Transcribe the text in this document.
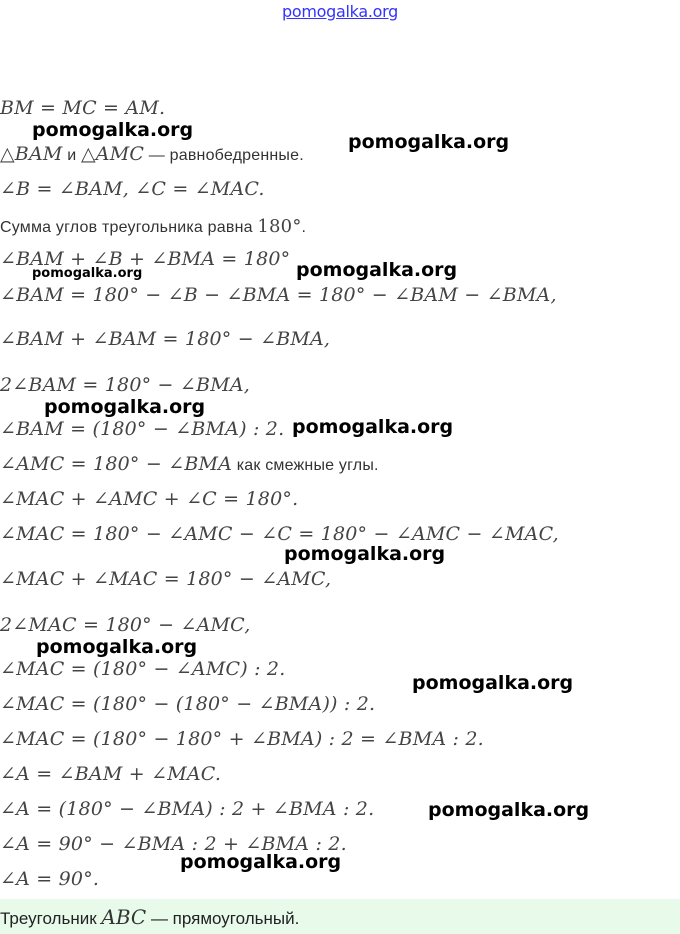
pomogalka.org
BM = MC = AM.
△BAM и △AMC — равнобедренные.
∠B = ∠BAM, ∠C = ∠MAC.
Сумма углов треугольника равна 180°.
∠BAM + ∠B + ∠BMA = 180°
∠BAM = 180° − ∠B − ∠BMA = 180° − ∠BAM − ∠BMA,
∠BAM + ∠BAM = 180° − ∠BMA,
2∠BAM = 180° − ∠BMA,
∠BAM = (180° − ∠BMA) : 2.
∠AMC = 180° − ∠BMA как смежные углы.
∠MAC + ∠AMC + ∠C = 180°.
∠MAC = 180° − ∠AMC − ∠C = 180° − ∠AMC − ∠MAC,
∠MAC + ∠MAC = 180° − ∠AMC,
2∠MAC = 180° − ∠AMC,
∠MAC = (180° − ∠AMC) : 2.
∠MAC = (180° − (180° − ∠BMA)) : 2.
∠MAC = (180° − 180° + ∠BMA) : 2 = ∠BMA : 2.
∠A = ∠BAM + ∠MAC.
∠A = (180° − ∠BMA) : 2 + ∠BMA : 2.
∠A = 90° − ∠BMA : 2 + ∠BMA : 2.
∠A = 90°.
pomogalka.org
pomogalka.org
pomogalka.org	pomogalka.org
pomogalka.org
pomogalka.org
pomogalka.org
pomogalka.org
pomogalka.org
pomogalka.org
pomogalka.org
Треугольник ABC — прямоугольный.
